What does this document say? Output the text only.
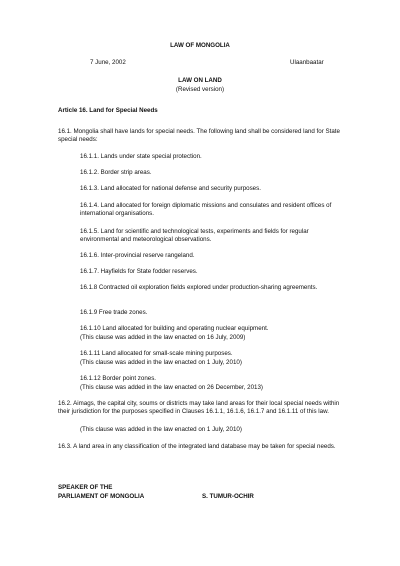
LAW OF MONGOLIA
7 June, 2002	Ulaanbaatar
LAW ON LAND
(Revised version)
Article 16. Land for Special Needs
16.1. Mongolia shall have lands for special needs. The following land shall be considered land for State special needs:
16.1.1. Lands under state special protection.
16.1.2. Border strip areas.
16.1.3. Land allocated for national defense and security purposes.
16.1.4. Land allocated for foreign diplomatic missions and consulates and resident offices of international organisations.
16.1.5. Land for scientific and technological tests, experiments and fields for regular environmental and meteorological observations.
16.1.6. Inter-provincial reserve rangeland.
16.1.7. Hayfields for State fodder reserves.
16.1.8 Contracted oil exploration fields explored under production-sharing agreements.
16.1.9 Free trade zones.
16.1.10 Land allocated for building and operating nuclear equipment.
(This clause was added in the law enacted on 16 July, 2009)
16.1.11 Land allocated for small-scale mining purposes.
(This clause was added in the law enacted on 1 July, 2010)
16.1.12 Border point zones.
(This clause was added in the law enacted on 26 December, 2013)
16.2. Aimags, the capital city, soums or districts may take land areas for their local special needs within their jurisdiction for the purposes specified in Clauses 16.1.1, 16.1.6, 16.1.7 and 16.1.11 of this law.
(This clause was added in the law enacted on 1 July, 2010)
16.3. A land area in any classification of the integrated land database may be taken for special needs.
SPEAKER OF THE
PARLIAMENT OF MONGOLIA	S. TUMUR-OCHIR
